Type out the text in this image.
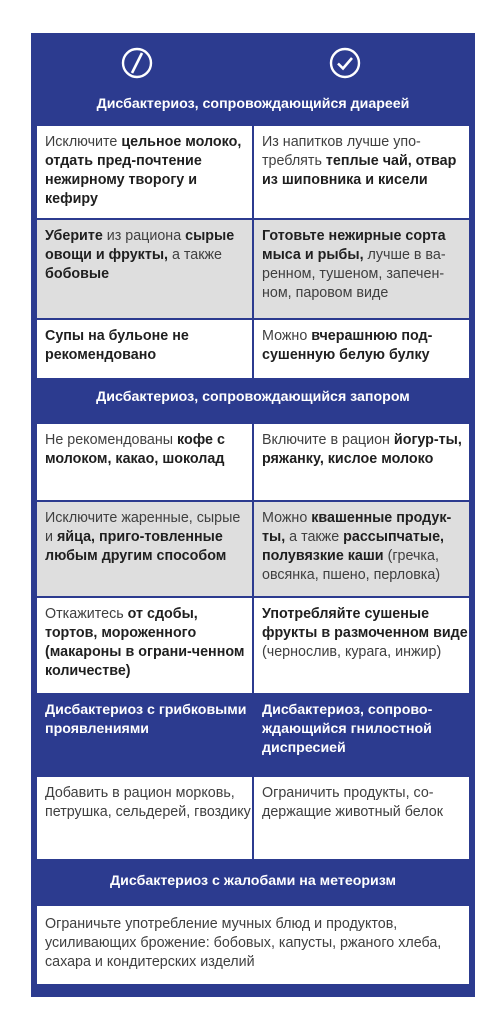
Дисбактериоз, сопровождающийся диареей
Исключите цельное молоко, отдать пред-почтение нежирному творогу и кефиру
Из напитков лучше упо-треблять теплые чай, отвар из шиповника и кисели
Уберите из рациона сырые овощи и фрукты, а также бобовые
Готовьте нежирные сорта мыса и рыбы, лучше в ва-ренном, тушеном, запечен-ном, паровом виде
Супы на бульоне не рекомендовано
Можно вчерашнюю под-сушенную белую булку
Дисбактериоз, сопровождающийся запором
Не рекомендованы кофе с молоком, какао, шоколад
Включите в рацион йогур-ты, ряжанку, кислое молоко
Исключите жаренные, сырые и яйца, приго-товленные любым другим способом
Можно квашенные продук-ты, а также рассыпчатые, полувязкие каши (гречка, овсянка, пшено, перловка)
Откажитесь от сдобы, тортов, мороженного (макароны в ограни-ченном количестве)
Употребляйте сушеные фрукты в размоченном виде (чернослив, курага, инжир)
Дисбактериоз с грибковыми проявлениями
Дисбактериоз, сопрово-ждающийся гнилостной диспресией
Добавить в рацион морковь, петрушка, сельдерей, гвоздику
Ограничить продукты, со-держащие животный белок
Дисбактериоз с жалобами на метеоризм
Ограничьте употребление мучных блюд и продуктов, усиливающих брожение: бобовых, капусты, ржаного хлеба, сахара и кондитерских изделий
